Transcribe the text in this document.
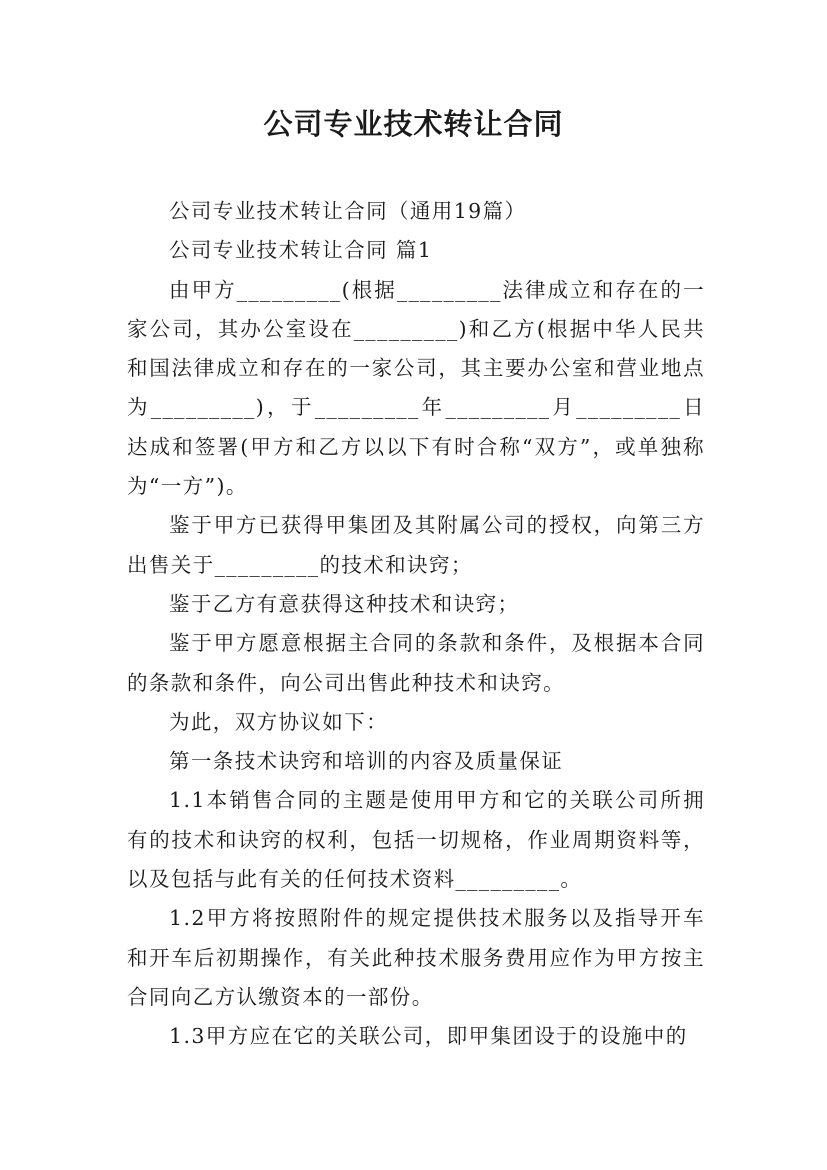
公司专业技术转让合同

公司专业技术转让合同（通用19篇）

公司专业技术转让合同 篇1

由甲方_________(根据_________法律成立和存在的一家公司，其办公室设在_________)和乙方(根据中华人民共和国法律成立和存在的一家公司，其主要办公室和营业地点为_________)，于_________年_________月_________日达成和签署(甲方和乙方以以下有时合称“双方”，或单独称为“一方”)。

鉴于甲方已获得甲集团及其附属公司的授权，向第三方出售关于_________的技术和诀窍；

鉴于乙方有意获得这种技术和诀窍；

鉴于甲方愿意根据主合同的条款和条件，及根据本合同的条款和条件，向公司出售此种技术和诀窍。

为此，双方协议如下：

第一条技术诀窍和培训的内容及质量保证

1.1本销售合同的主题是使用甲方和它的关联公司所拥有的技术和诀窍的权利，包括一切规格，作业周期资料等，以及包括与此有关的任何技术资料_________。

1.2甲方将按照附件的规定提供技术服务以及指导开车和开车后初期操作，有关此种技术服务费用应作为甲方按主合同向乙方认缴资本的一部份。

1.3甲方应在它的关联公司，即甲集团设于的设施中的
